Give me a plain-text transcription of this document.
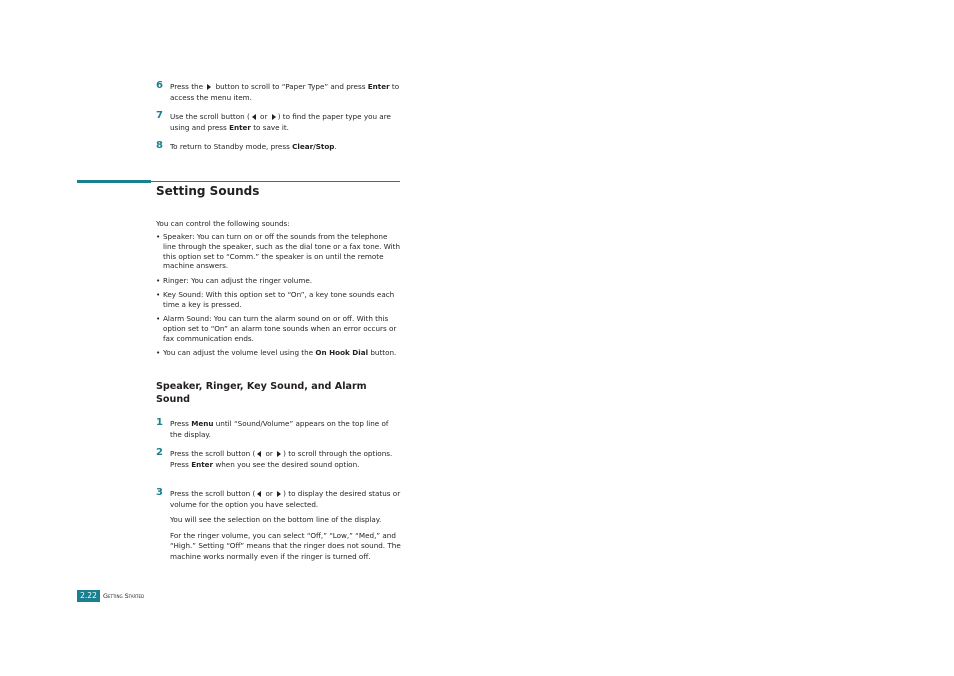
6 Press the  button to scroll to “Paper Type” and press Enter to access the menu item.
7 Use the scroll button ( or ) to find the paper type you are using and press Enter to save it.
8 To return to Standby mode, press Clear/Stop.
Setting Sounds
You can control the following sounds:
• Speaker: You can turn on or off the sounds from the telephone line through the speaker, such as the dial tone or a fax tone. With this option set to “Comm.” the speaker is on until the remote machine answers.
• Ringer: You can adjust the ringer volume.
• Key Sound: With this option set to “On”, a key tone sounds each time a key is pressed.
• Alarm Sound: You can turn the alarm sound on or off. With this option set to “On” an alarm tone sounds when an error occurs or fax communication ends.
• You can adjust the volume level using the On Hook Dial button.
Speaker, Ringer, Key Sound, and Alarm Sound
1 Press Menu until “Sound/Volume” appears on the top line of the display.
2 Press the scroll button ( or ) to scroll through the options. Press Enter when you see the desired sound option.
3 Press the scroll button ( or ) to display the desired status or volume for the option you have selected.

You will see the selection on the bottom line of the display.

For the ringer volume, you can select “Off,” “Low,” “Med,” and “High.” Setting “Off” means that the ringer does not sound. The machine works normally even if the ringer is turned off.

2.22 Getting Started
